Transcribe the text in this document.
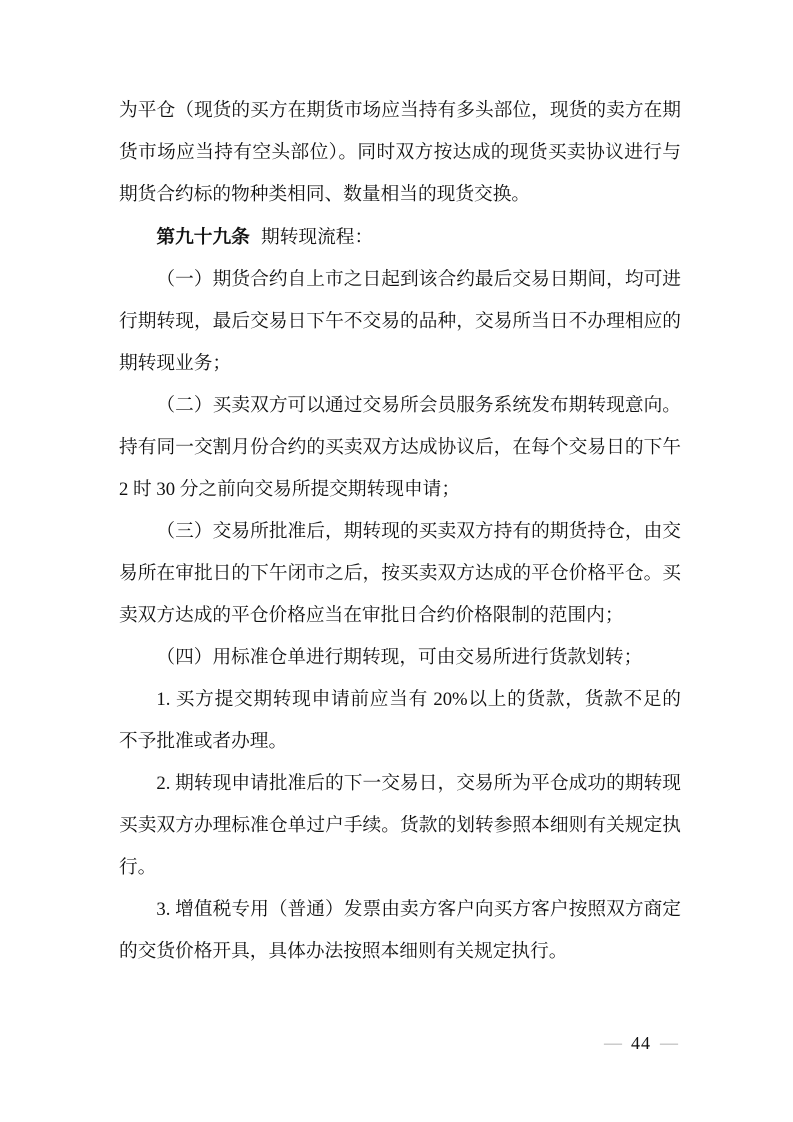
为平仓（现货的买方在期货市场应当持有多头部位，现货的卖方在期货市场应当持有空头部位）。同时双方按达成的现货买卖协议进行与期货合约标的物种类相同、数量相当的现货交换。

第九十九条 期转现流程：

（一）期货合约自上市之日起到该合约最后交易日期间，均可进行期转现，最后交易日下午不交易的品种，交易所当日不办理相应的期转现业务；

（二）买卖双方可以通过交易所会员服务系统发布期转现意向。持有同一交割月份合约的买卖双方达成协议后，在每个交易日的下午 2 时 30 分之前向交易所提交期转现申请；

（三）交易所批准后，期转现的买卖双方持有的期货持仓，由交易所在审批日的下午闭市之后，按买卖双方达成的平仓价格平仓。买卖双方达成的平仓价格应当在审批日合约价格限制的范围内；

（四）用标准仓单进行期转现，可由交易所进行货款划转；

1. 买方提交期转现申请前应当有 20%以上的货款，货款不足的不予批准或者办理。

2. 期转现申请批准后的下一交易日，交易所为平仓成功的期转现买卖双方办理标准仓单过户手续。货款的划转参照本细则有关规定执行。

3. 增值税专用（普通）发票由卖方客户向买方客户按照双方商定的交货价格开具，具体办法按照本细则有关规定执行。

— 44 —
